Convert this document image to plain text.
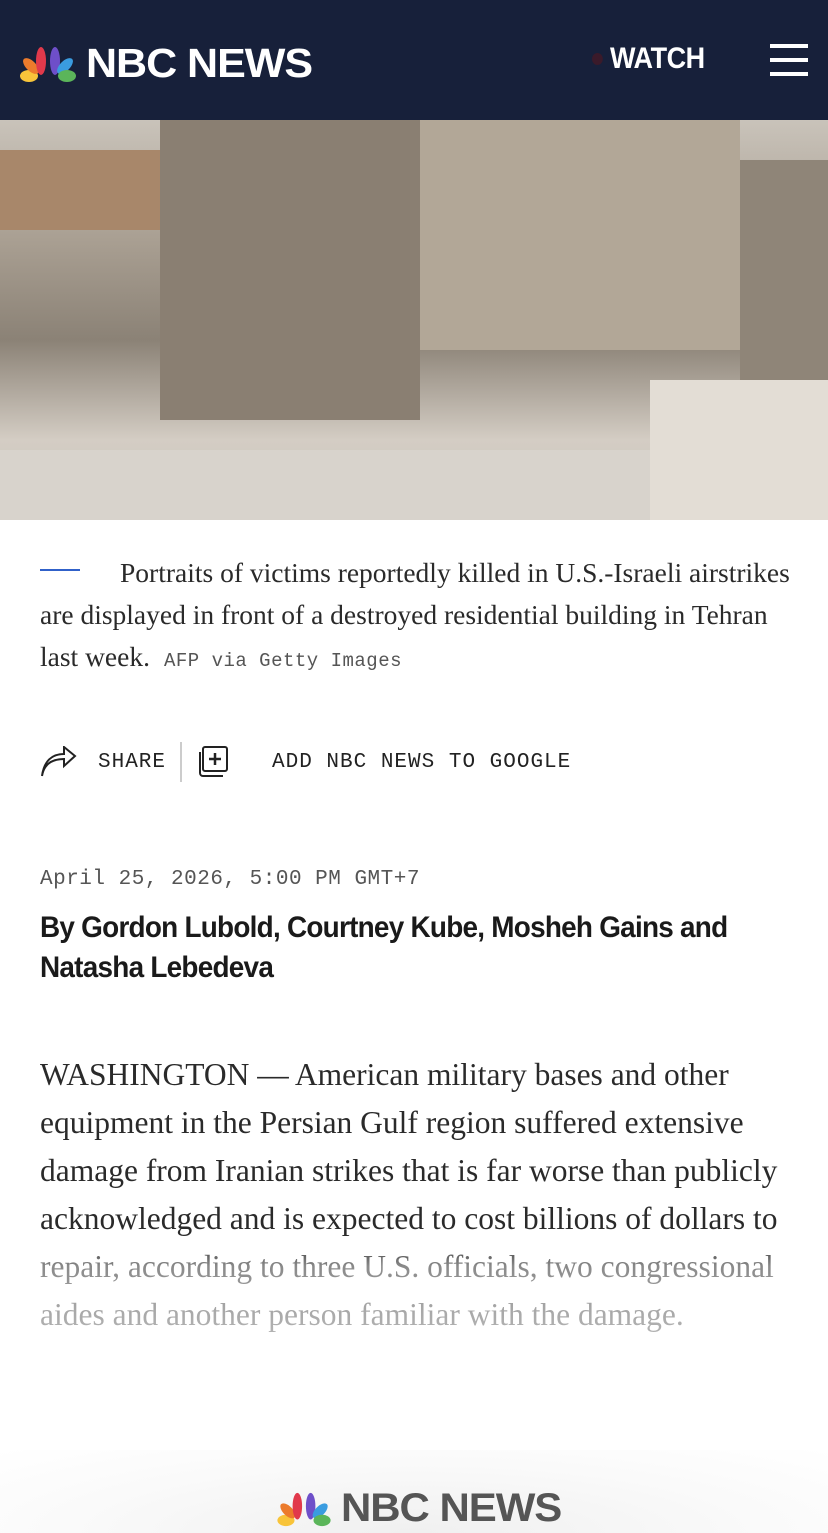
NBC NEWS	WATCH
Portraits of victims reportedly killed in U.S.-Israeli airstrikes are displayed in front of a destroyed residential building in Tehran last week. AFP via Getty Images
SHARE	ADD NBC NEWS TO GOOGLE
April 25, 2026, 5:00 PM GMT+7
By Gordon Lubold, Courtney Kube, Mosheh Gains and Natasha Lebedeva
WASHINGTON — American military bases and other equipment in the Persian Gulf region suffered extensive damage from Iranian strikes that is far worse than publicly acknowledged and is expected to cost billions of dollars to repair, according to three U.S. officials, two congressional aides and another person familiar with the damage.
NBC NEWS
